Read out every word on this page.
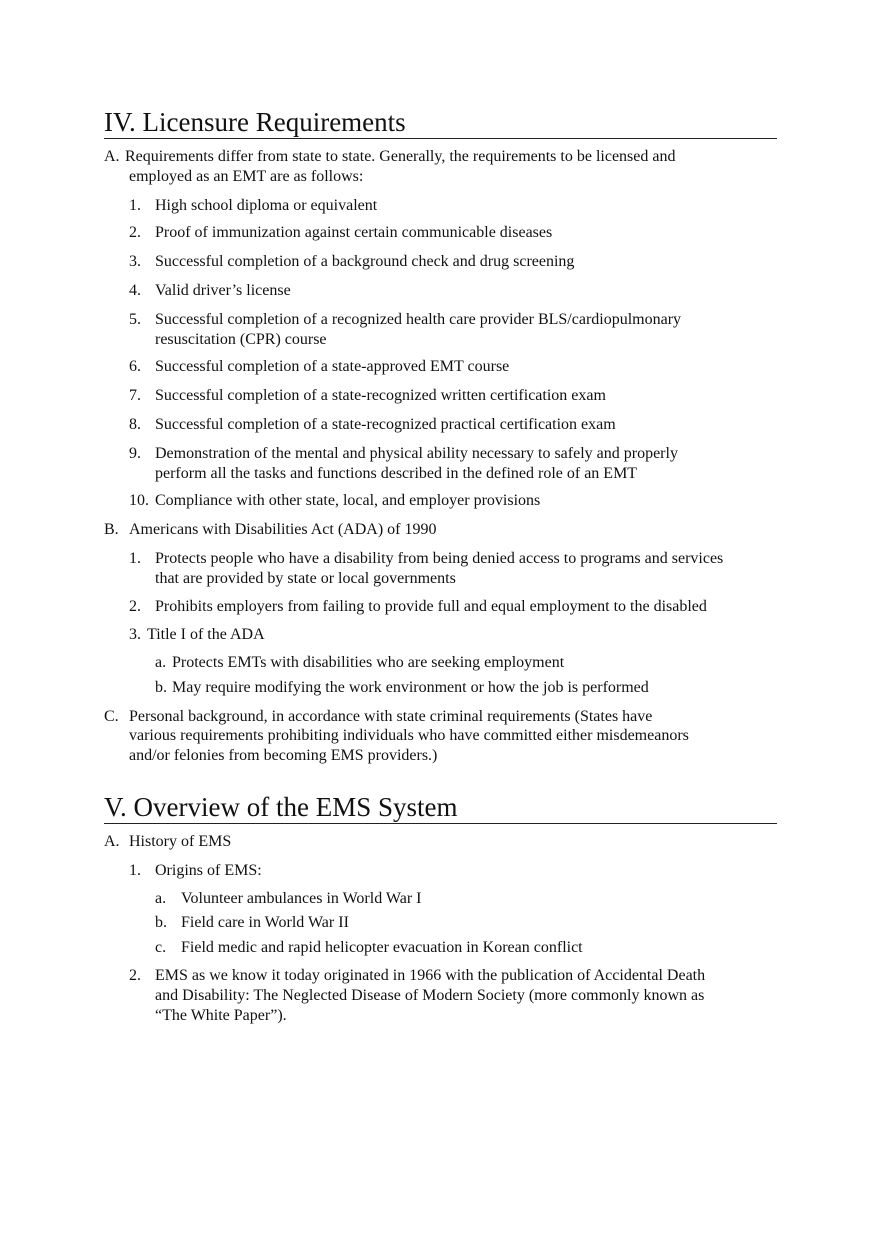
IV. Licensure Requirements
A. Requirements differ from state to state. Generally, the requirements to be licensed and
employed as an EMT are as follows:
1. High school diploma or equivalent
2. Proof of immunization against certain communicable diseases
3. Successful completion of a background check and drug screening
4. Valid driver’s license
5. Successful completion of a recognized health care provider BLS/cardiopulmonary
resuscitation (CPR) course
6. Successful completion of a state-approved EMT course
7. Successful completion of a state-recognized written certification exam
8. Successful completion of a state-recognized practical certification exam
9. Demonstration of the mental and physical ability necessary to safely and properly
perform all the tasks and functions described in the defined role of an EMT
10. Compliance with other state, local, and employer provisions
B. Americans with Disabilities Act (ADA) of 1990
1. Protects people who have a disability from being denied access to programs and services
that are provided by state or local governments
2. Prohibits employers from failing to provide full and equal employment to the disabled
3. Title I of the ADA
a. Protects EMTs with disabilities who are seeking employment
b. May require modifying the work environment or how the job is performed
C. Personal background, in accordance with state criminal requirements (States have
various requirements prohibiting individuals who have committed either misdemeanors
and/or felonies from becoming EMS providers.)
V. Overview of the EMS System
A. History of EMS
1. Origins of EMS:
a. Volunteer ambulances in World War I
b. Field care in World War II
c. Field medic and rapid helicopter evacuation in Korean conflict
2. EMS as we know it today originated in 1966 with the publication of Accidental Death
and Disability: The Neglected Disease of Modern Society (more commonly known as
“The White Paper”).
